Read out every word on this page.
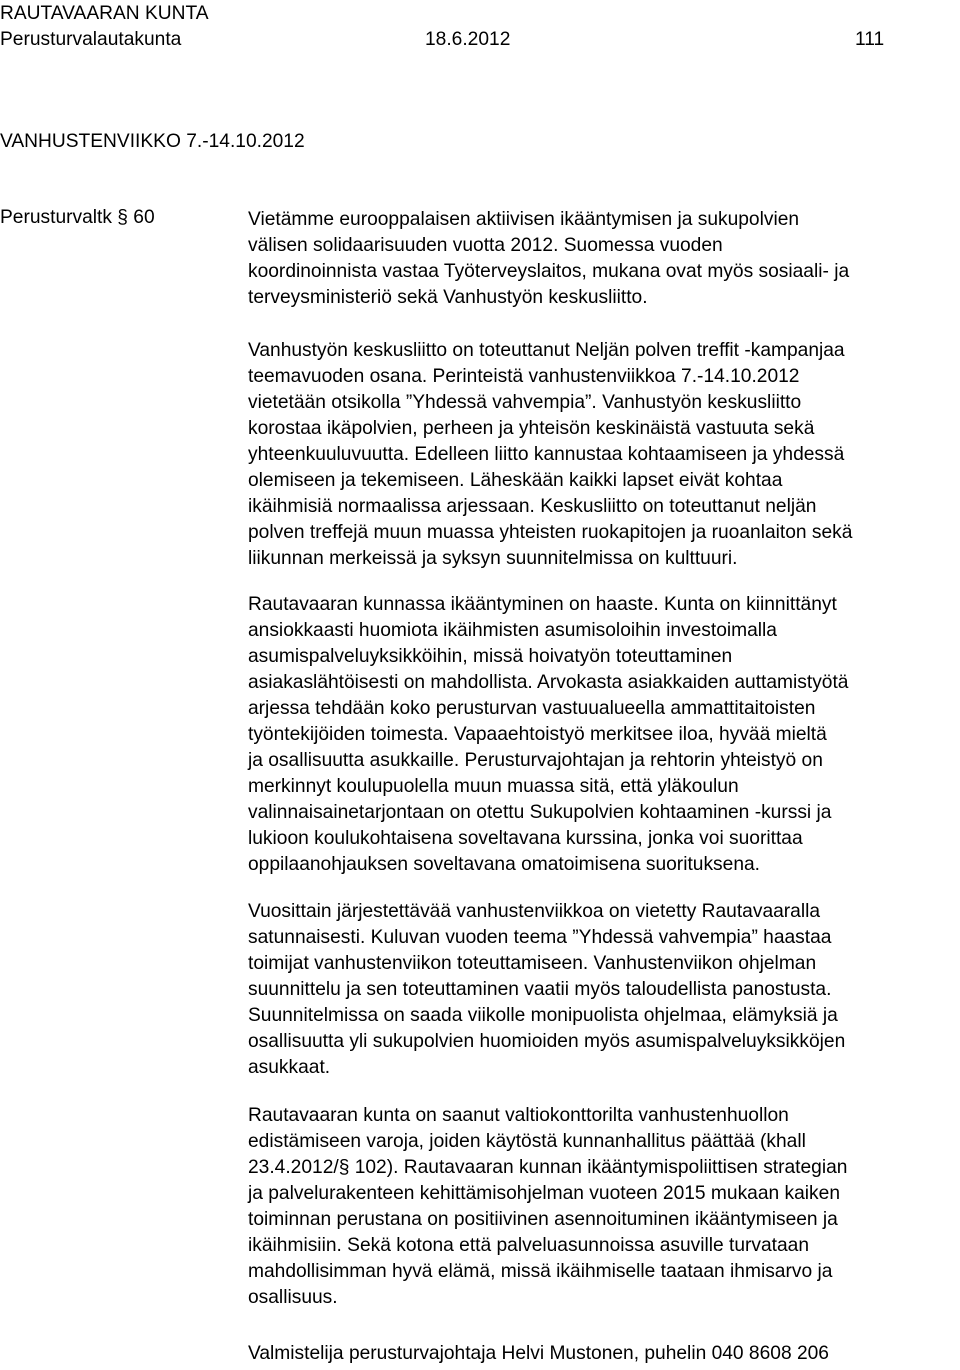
RAUTAVAARAN KUNTA
Perusturvalautakunta	18.6.2012	111
VANHUSTENVIIKKO 7.-14.10.2012
Perusturvaltk § 60	Vietämme eurooppalaisen aktiivisen ikääntymisen ja sukupolvien
välisen solidaarisuuden vuotta 2012. Suomessa vuoden
koordinoinnista vastaa Työterveyslaitos, mukana ovat myös sosiaali- ja
terveysministeriö sekä Vanhustyön keskusliitto.
Vanhustyön keskusliitto on toteuttanut Neljän polven treffit -kampanjaa
teemavuoden osana. Perinteistä vanhustenviikkoa 7.-14.10.2012
vietetään otsikolla ”Yhdessä vahvempia”. Vanhustyön keskusliitto
korostaa ikäpolvien, perheen ja yhteisön keskinäistä vastuuta sekä
yhteenkuuluvuutta. Edelleen liitto kannustaa kohtaamiseen ja yhdessä
olemiseen ja tekemiseen. Läheskään kaikki lapset eivät kohtaa
ikäihmisiä normaalissa arjessaan. Keskusliitto on toteuttanut neljän
polven treffejä muun muassa yhteisten ruokapitojen ja ruoanlaiton sekä
liikunnan merkeissä ja syksyn suunnitelmissa on kulttuuri.
Rautavaaran kunnassa ikääntyminen on haaste. Kunta on kiinnittänyt
ansiokkaasti huomiota ikäihmisten asumisoloihin investoimalla
asumispalveluyksikköihin, missä hoivatyön toteuttaminen
asiakaslähtöisesti on mahdollista. Arvokasta asiakkaiden auttamistyötä
arjessa tehdään koko perusturvan vastuualueella ammattitaitoisten
työntekijöiden toimesta. Vapaaehtoistyö merkitsee iloa, hyvää mieltä
ja osallisuutta asukkaille. Perusturvajohtajan ja rehtorin yhteistyö on
merkinnyt koulupuolella muun muassa sitä, että yläkoulun
valinnaisainetarjontaan on otettu Sukupolvien kohtaaminen -kurssi ja
lukioon koulukohtaisena soveltavana kurssina, jonka voi suorittaa
oppilaanohjauksen soveltavana omatoimisena suorituksena.
Vuosittain järjestettävää vanhustenviikkoa on vietetty Rautavaaralla
satunnaisesti. Kuluvan vuoden teema ”Yhdessä vahvempia” haastaa
toimijat vanhustenviikon toteuttamiseen. Vanhustenviikon ohjelman
suunnittelu ja sen toteuttaminen vaatii myös taloudellista panostusta.
Suunnitelmissa on saada viikolle monipuolista ohjelmaa, elämyksiä ja
osallisuutta yli sukupolvien huomioiden myös asumispalveluyksikköjen
asukkaat.
Rautavaaran kunta on saanut valtiokonttorilta vanhustenhuollon
edistämiseen varoja, joiden käytöstä kunnanhallitus päättää (khall
23.4.2012/§ 102). Rautavaaran kunnan ikääntymispoliittisen strategian
ja palvelurakenteen kehittämisohjelman vuoteen 2015 mukaan kaiken
toiminnan perustana on positiivinen asennoituminen ikääntymiseen ja
ikäihmisiin. Sekä kotona että palveluasunnoissa asuville turvataan
mahdollisimman hyvä elämä, missä ikäihmiselle taataan ihmisarvo ja
osallisuus.
Valmistelija perusturvajohtaja Helvi Mustonen, puhelin 040 8608 206
